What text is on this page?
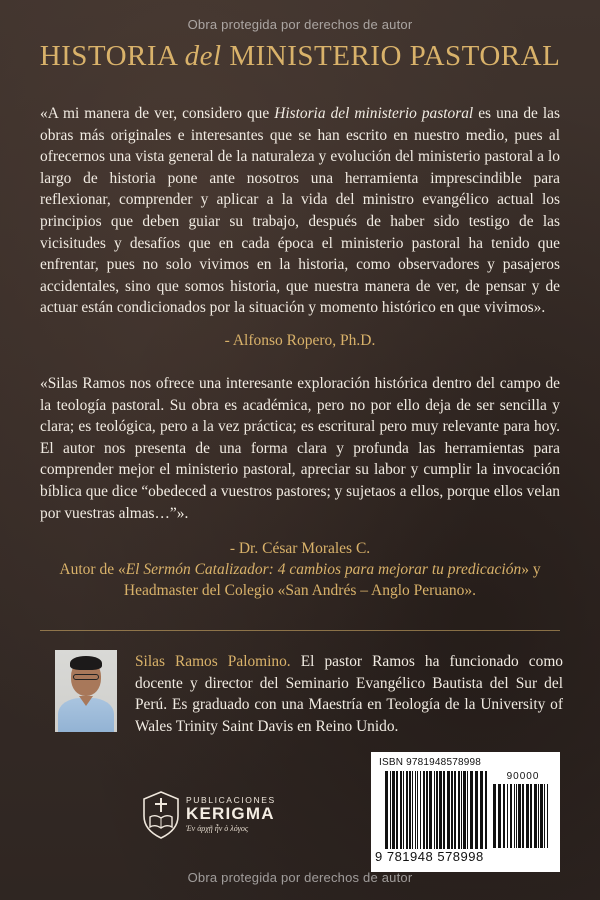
Obra protegida por derechos de autor
HISTORIA del MINISTERIO PASTORAL
«A mi manera de ver, considero que Historia del ministerio pastoral es una de las obras más originales e interesantes que se han escrito en nuestro medio, pues al ofrecernos una vista general de la naturaleza y evolución del ministerio pastoral a lo largo de historia pone ante nosotros una herramienta imprescindible para reflexionar, comprender y aplicar a la vida del ministro evangélico actual los principios que deben guiar su trabajo, después de haber sido testigo de las vicisitudes y desafíos que en cada época el ministerio pastoral ha tenido que enfrentar, pues no solo vivimos en la historia, como observadores y pasajeros accidentales, sino que somos historia, que nuestra manera de ver, de pensar y de actuar están condicionados por la situación y momento histórico en que vivimos».
- Alfonso Ropero, Ph.D.
«Silas Ramos nos ofrece una interesante exploración histórica dentro del campo de la teología pastoral. Su obra es académica, pero no por ello deja de ser sencilla y clara; es teológica, pero a la vez práctica; es escritural pero muy relevante para hoy. El autor nos presenta de una forma clara y profunda las herramientas para comprender mejor el ministerio pastoral, apreciar su labor y cumplir la invocación bíblica que dice “obedeced a vuestros pastores; y sujetaos a ellos, porque ellos velan por vuestras almas…”».
- Dr. César Morales C.
Autor de «El Sermón Catalizador: 4 cambios para mejorar tu predicación» y
Headmaster del Colegio «San Andrés – Anglo Peruano».
Silas Ramos Palomino. El pastor Ramos ha funcionado como docente y director del Seminario Evangélico Bautista del Sur del Perú. Es graduado con una Maestría en Teología de la University of Wales Trinity Saint Davis en Reino Unido.
PUBLICACIONES
KERIGMA
Ἐν ἀρχῇ ἦν ὁ λόγος
ISBN 9781948578998
90000
9 781948 578998
Obra protegida por derechos de autor
